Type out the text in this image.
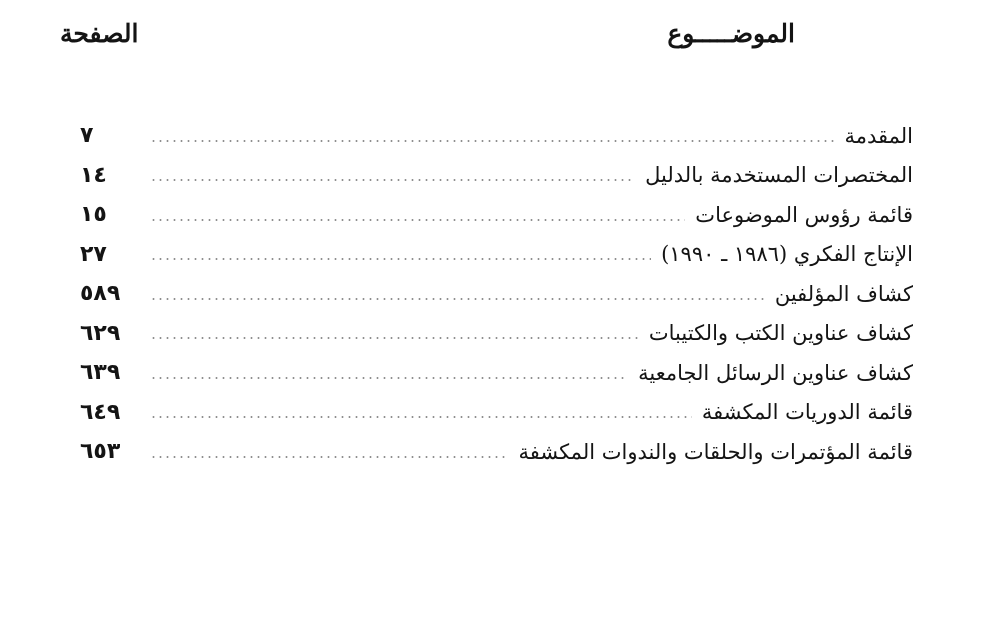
الموضـــــوع
الصفحة
المقدمة
٧
المختصرات المستخدمة بالدليل
١٤
قائمة رؤوس الموضوعات
١٥
الإنتاج الفكري (١٩٨٦ ـ ١٩٩٠)
٢٧
كشاف المؤلفين
٥٨٩
كشاف عناوين الكتب والكتيبات
٦٢٩
كشاف عناوين الرسائل الجامعية
٦٣٩
قائمة الدوريات المكشفة
٦٤٩
قائمة المؤتمرات والحلقات والندوات المكشفة
٦٥٣
